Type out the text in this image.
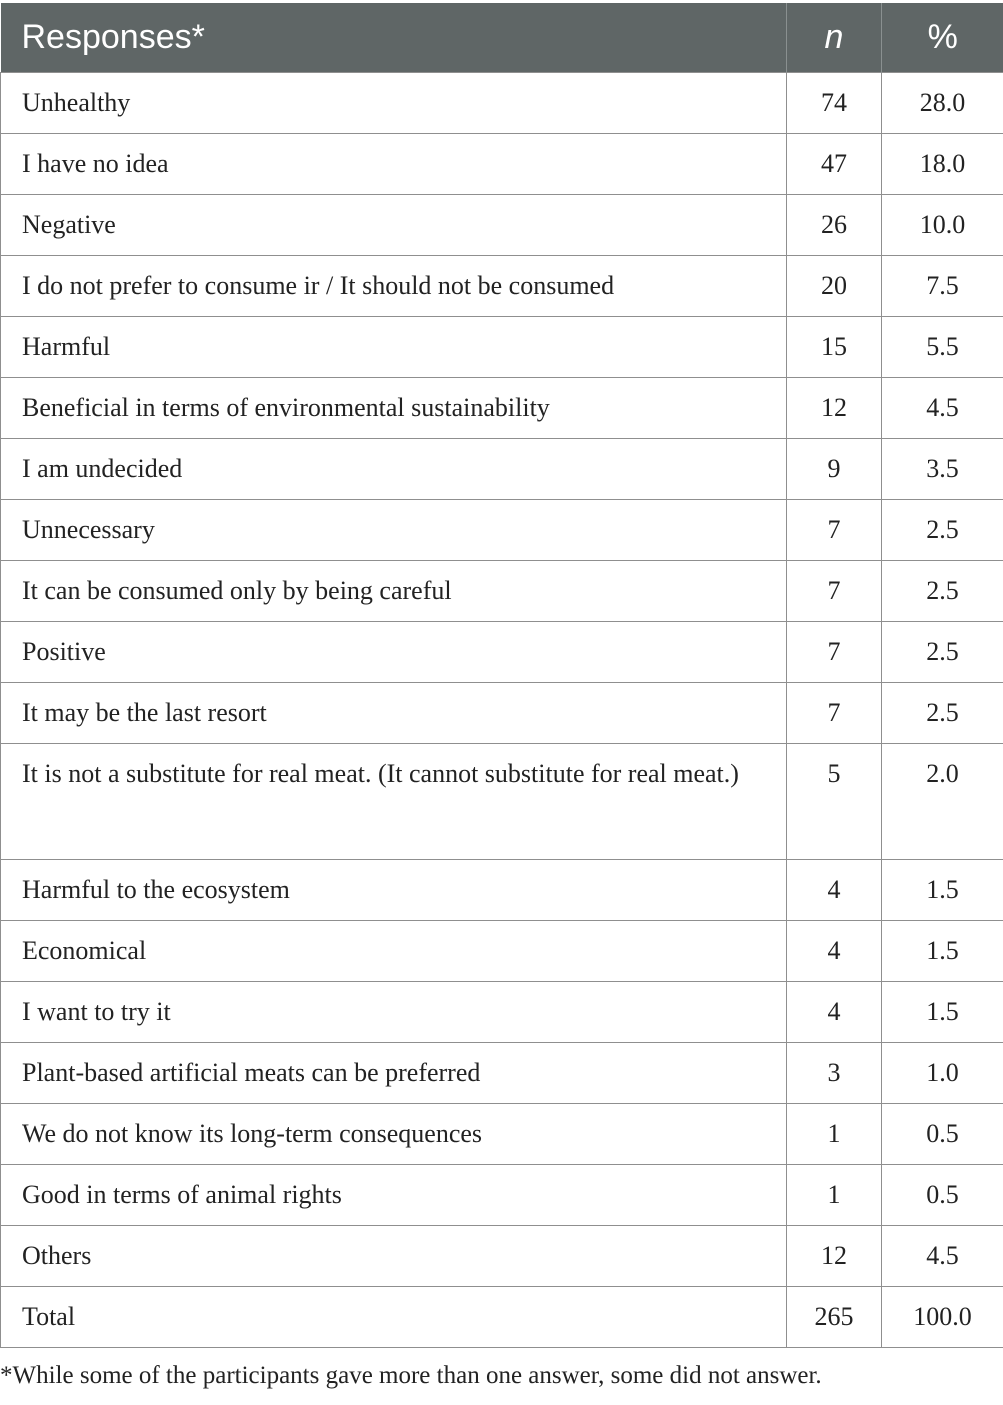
Responses*	n	%
Unhealthy	74	28.0
I have no idea	47	18.0
Negative	26	10.0
I do not prefer to consume ir / It should not be consumed	20	7.5
Harmful	15	5.5
Beneficial in terms of environmental sustainability	12	4.5
I am undecided	9	3.5
Unnecessary	7	2.5
It can be consumed only by being careful	7	2.5
Positive	7	2.5
It may be the last resort	7	2.5
It is not a substitute for real meat. (It cannot substitute for real meat.)	5	2.0
Harmful to the ecosystem	4	1.5
Economical	4	1.5
I want to try it	4	1.5
Plant-based artificial meats can be preferred	3	1.0
We do not know its long-term consequences	1	0.5
Good in terms of animal rights	1	0.5
Others	12	4.5
Total	265	100.0
*While some of the participants gave more than one answer, some did not answer.
